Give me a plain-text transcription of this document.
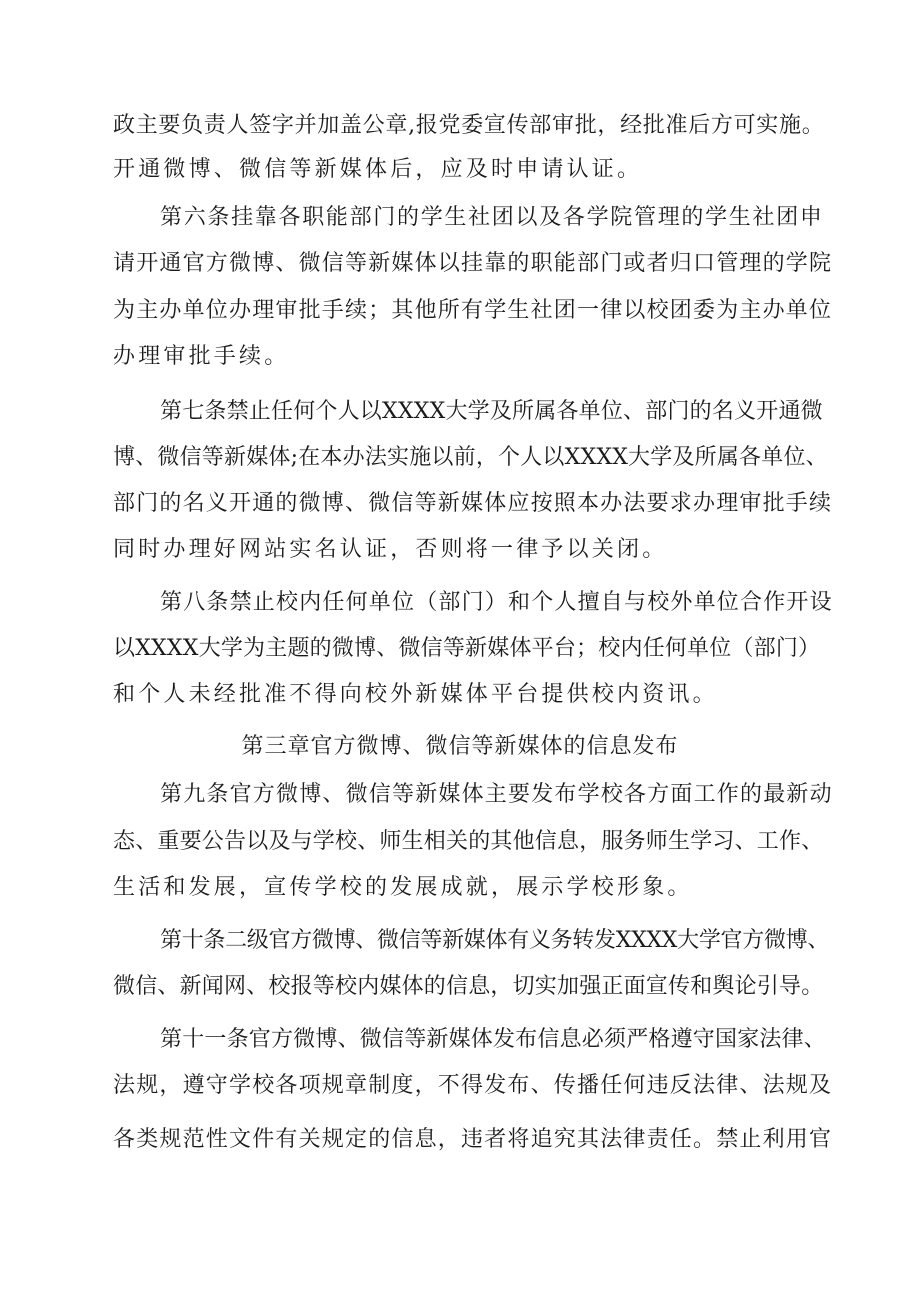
政主要负责人签字并加盖公章,报党委宣传部审批，经批准后方可实施。
开通微博、微信等新媒体后，应及时申请认证。
第六条挂靠各职能部门的学生社团以及各学院管理的学生社团申
请开通官方微博、微信等新媒体以挂靠的职能部门或者归口管理的学院
为主办单位办理审批手续；其他所有学生社团一律以校团委为主办单位
办理审批手续。
第七条禁止任何个人以XXXX大学及所属各单位、部门的名义开通微
博、微信等新媒体;在本办法实施以前，个人以XXXX大学及所属各单位、
部门的名义开通的微博、微信等新媒体应按照本办法要求办理审批手续
同时办理好网站实名认证，否则将一律予以关闭。
第八条禁止校内任何单位（部门）和个人擅自与校外单位合作开设
以XXXX大学为主题的微博、微信等新媒体平台；校内任何单位（部门）
和个人未经批准不得向校外新媒体平台提供校内资讯。
第三章官方微博、微信等新媒体的信息发布
第九条官方微博、微信等新媒体主要发布学校各方面工作的最新动
态、重要公告以及与学校、师生相关的其他信息，服务师生学习、工作、
生活和发展，宣传学校的发展成就，展示学校形象。
第十条二级官方微博、微信等新媒体有义务转发XXXX大学官方微博、
微信、新闻网、校报等校内媒体的信息，切实加强正面宣传和舆论引导。
第十一条官方微博、微信等新媒体发布信息必须严格遵守国家法律、
法规，遵守学校各项规章制度，不得发布、传播任何违反法律、法规及
各类规范性文件有关规定的信息，违者将追究其法律责任。禁止利用官
